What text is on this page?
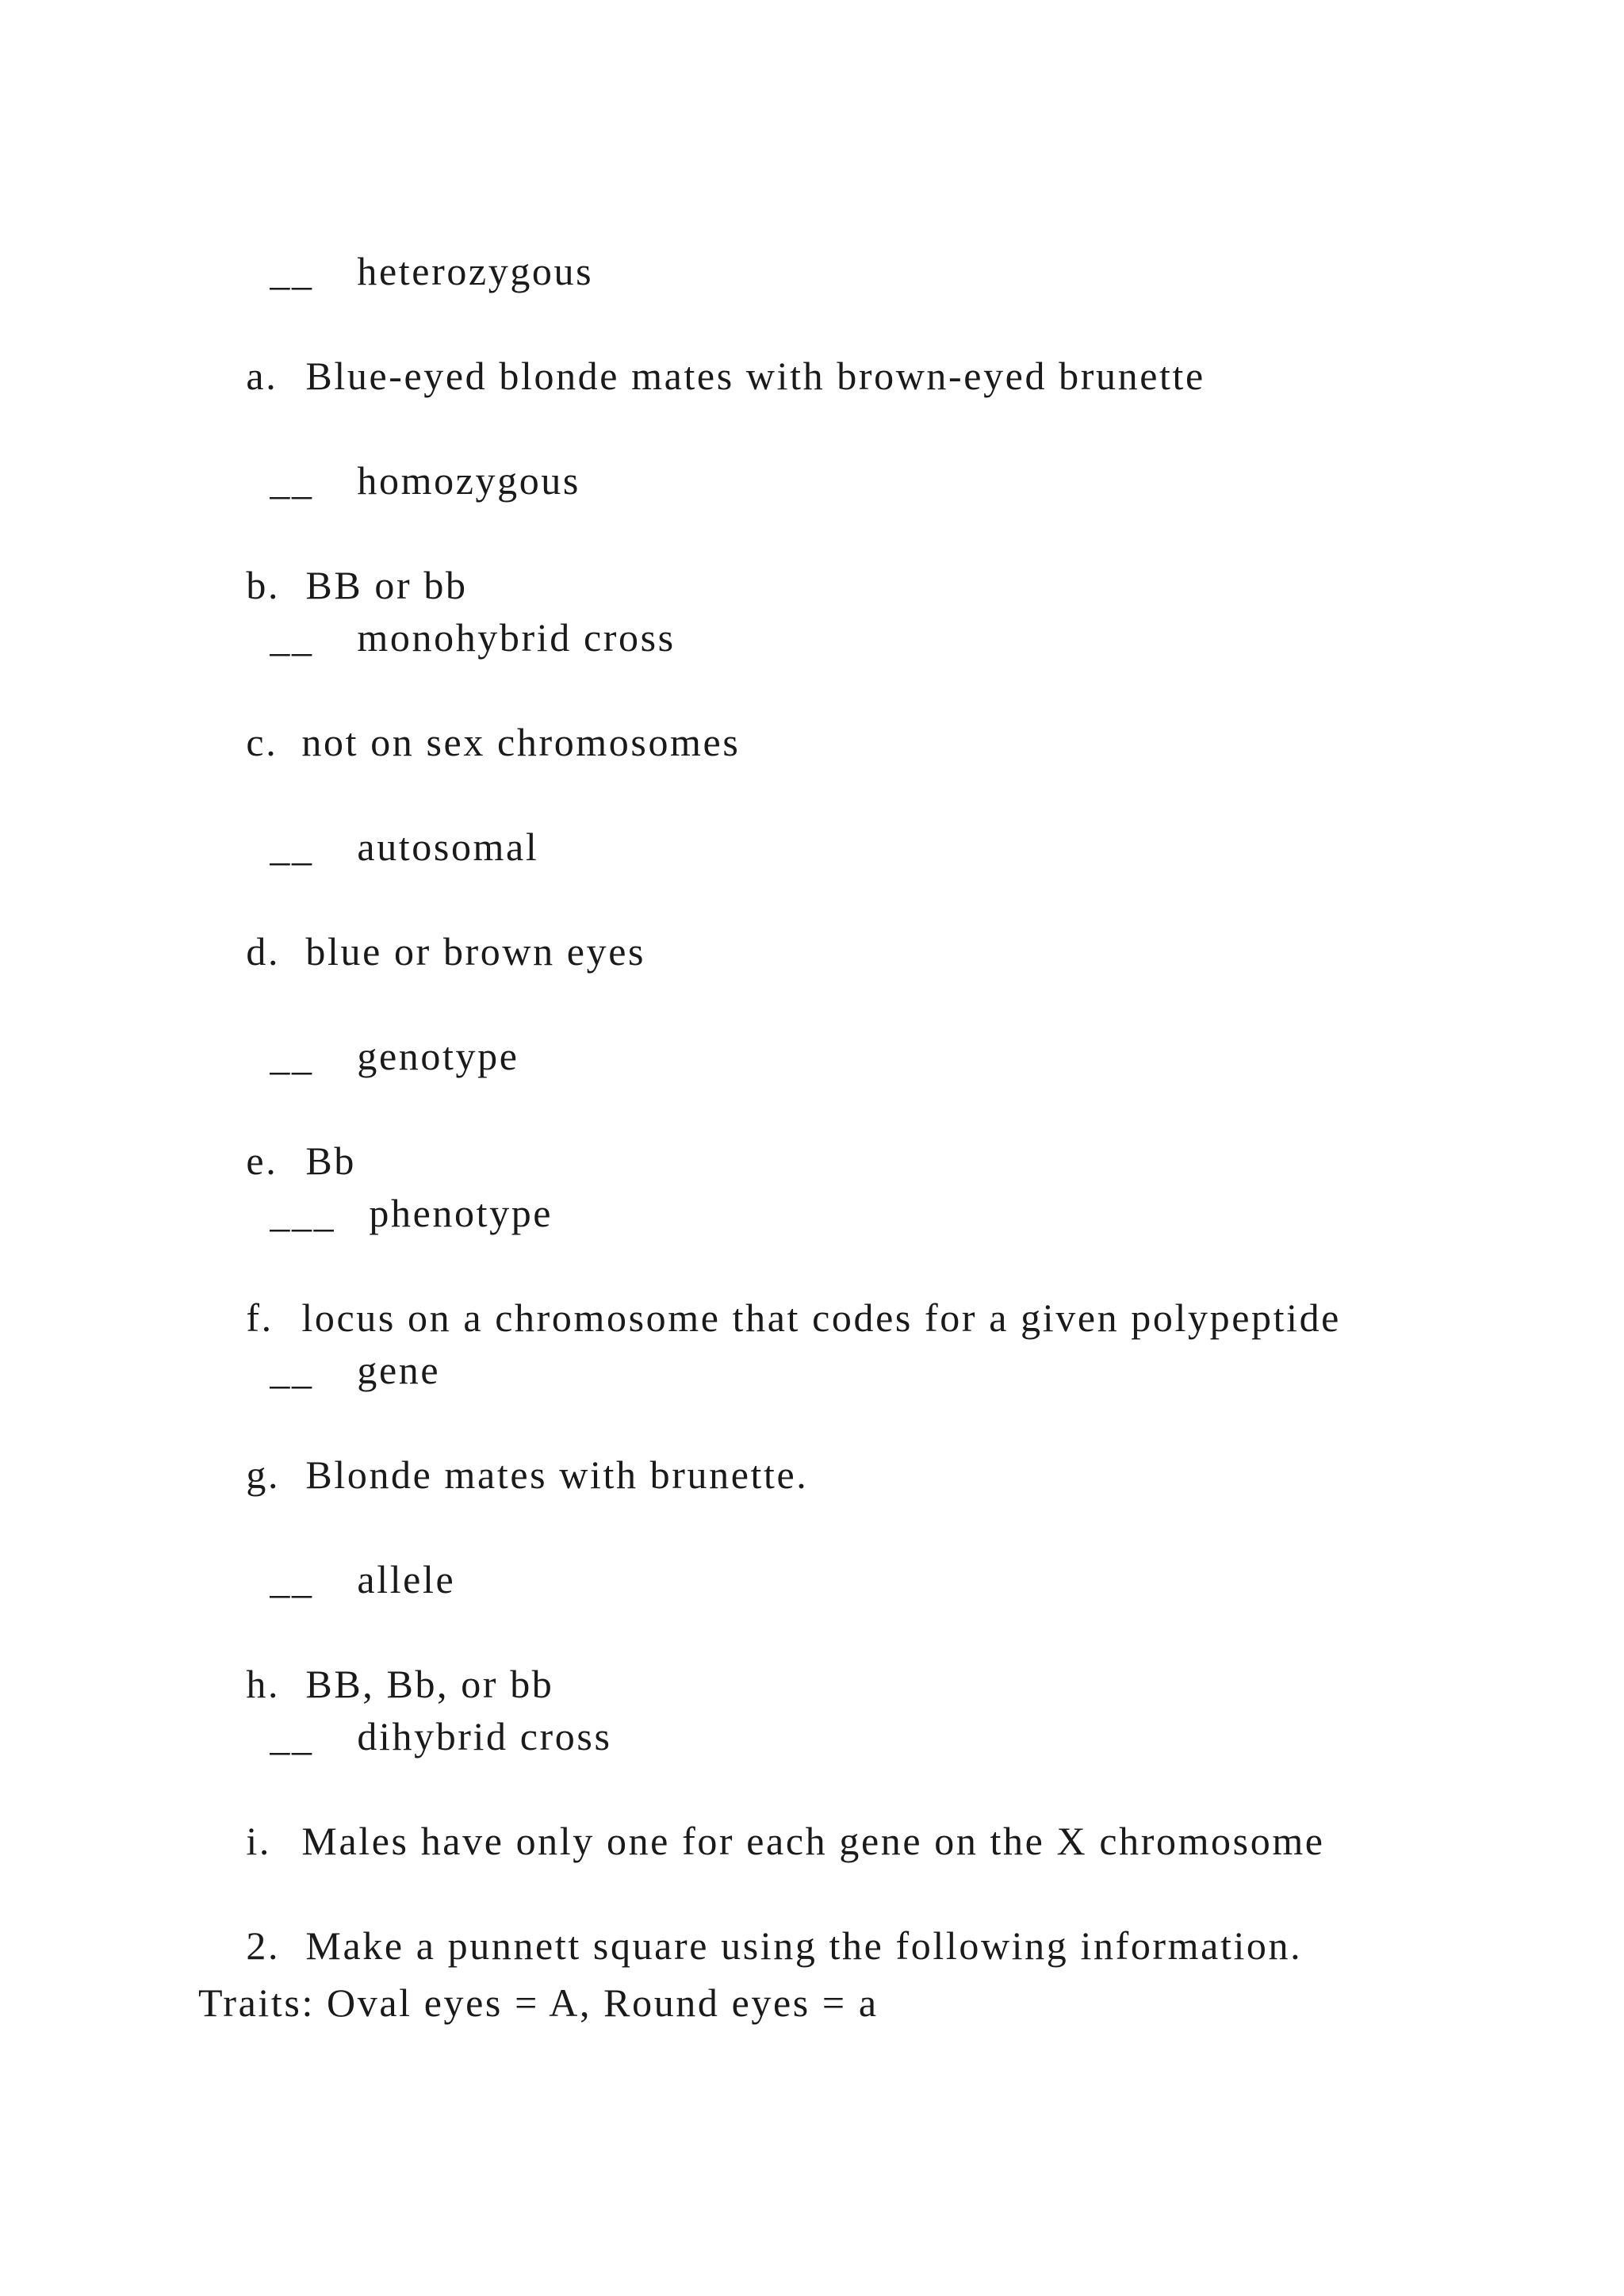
__ heterozygous

a. Blue-eyed blonde mates with brown-eyed brunette

__ homozygous

b. BB or bb

__ monohybrid cross

c. not on sex chromosomes

__ autosomal

d. blue or brown eyes

__ genotype

e. Bb

___ phenotype

f. locus on a chromosome that codes for a given polypeptide

__ gene

g. Blonde mates with brunette.

__ allele

h. BB, Bb, or bb

__ dihybrid cross

i. Males have only one for each gene on the X chromosome

2. Make a punnett square using the following information.

Traits: Oval eyes = A, Round eyes = a
